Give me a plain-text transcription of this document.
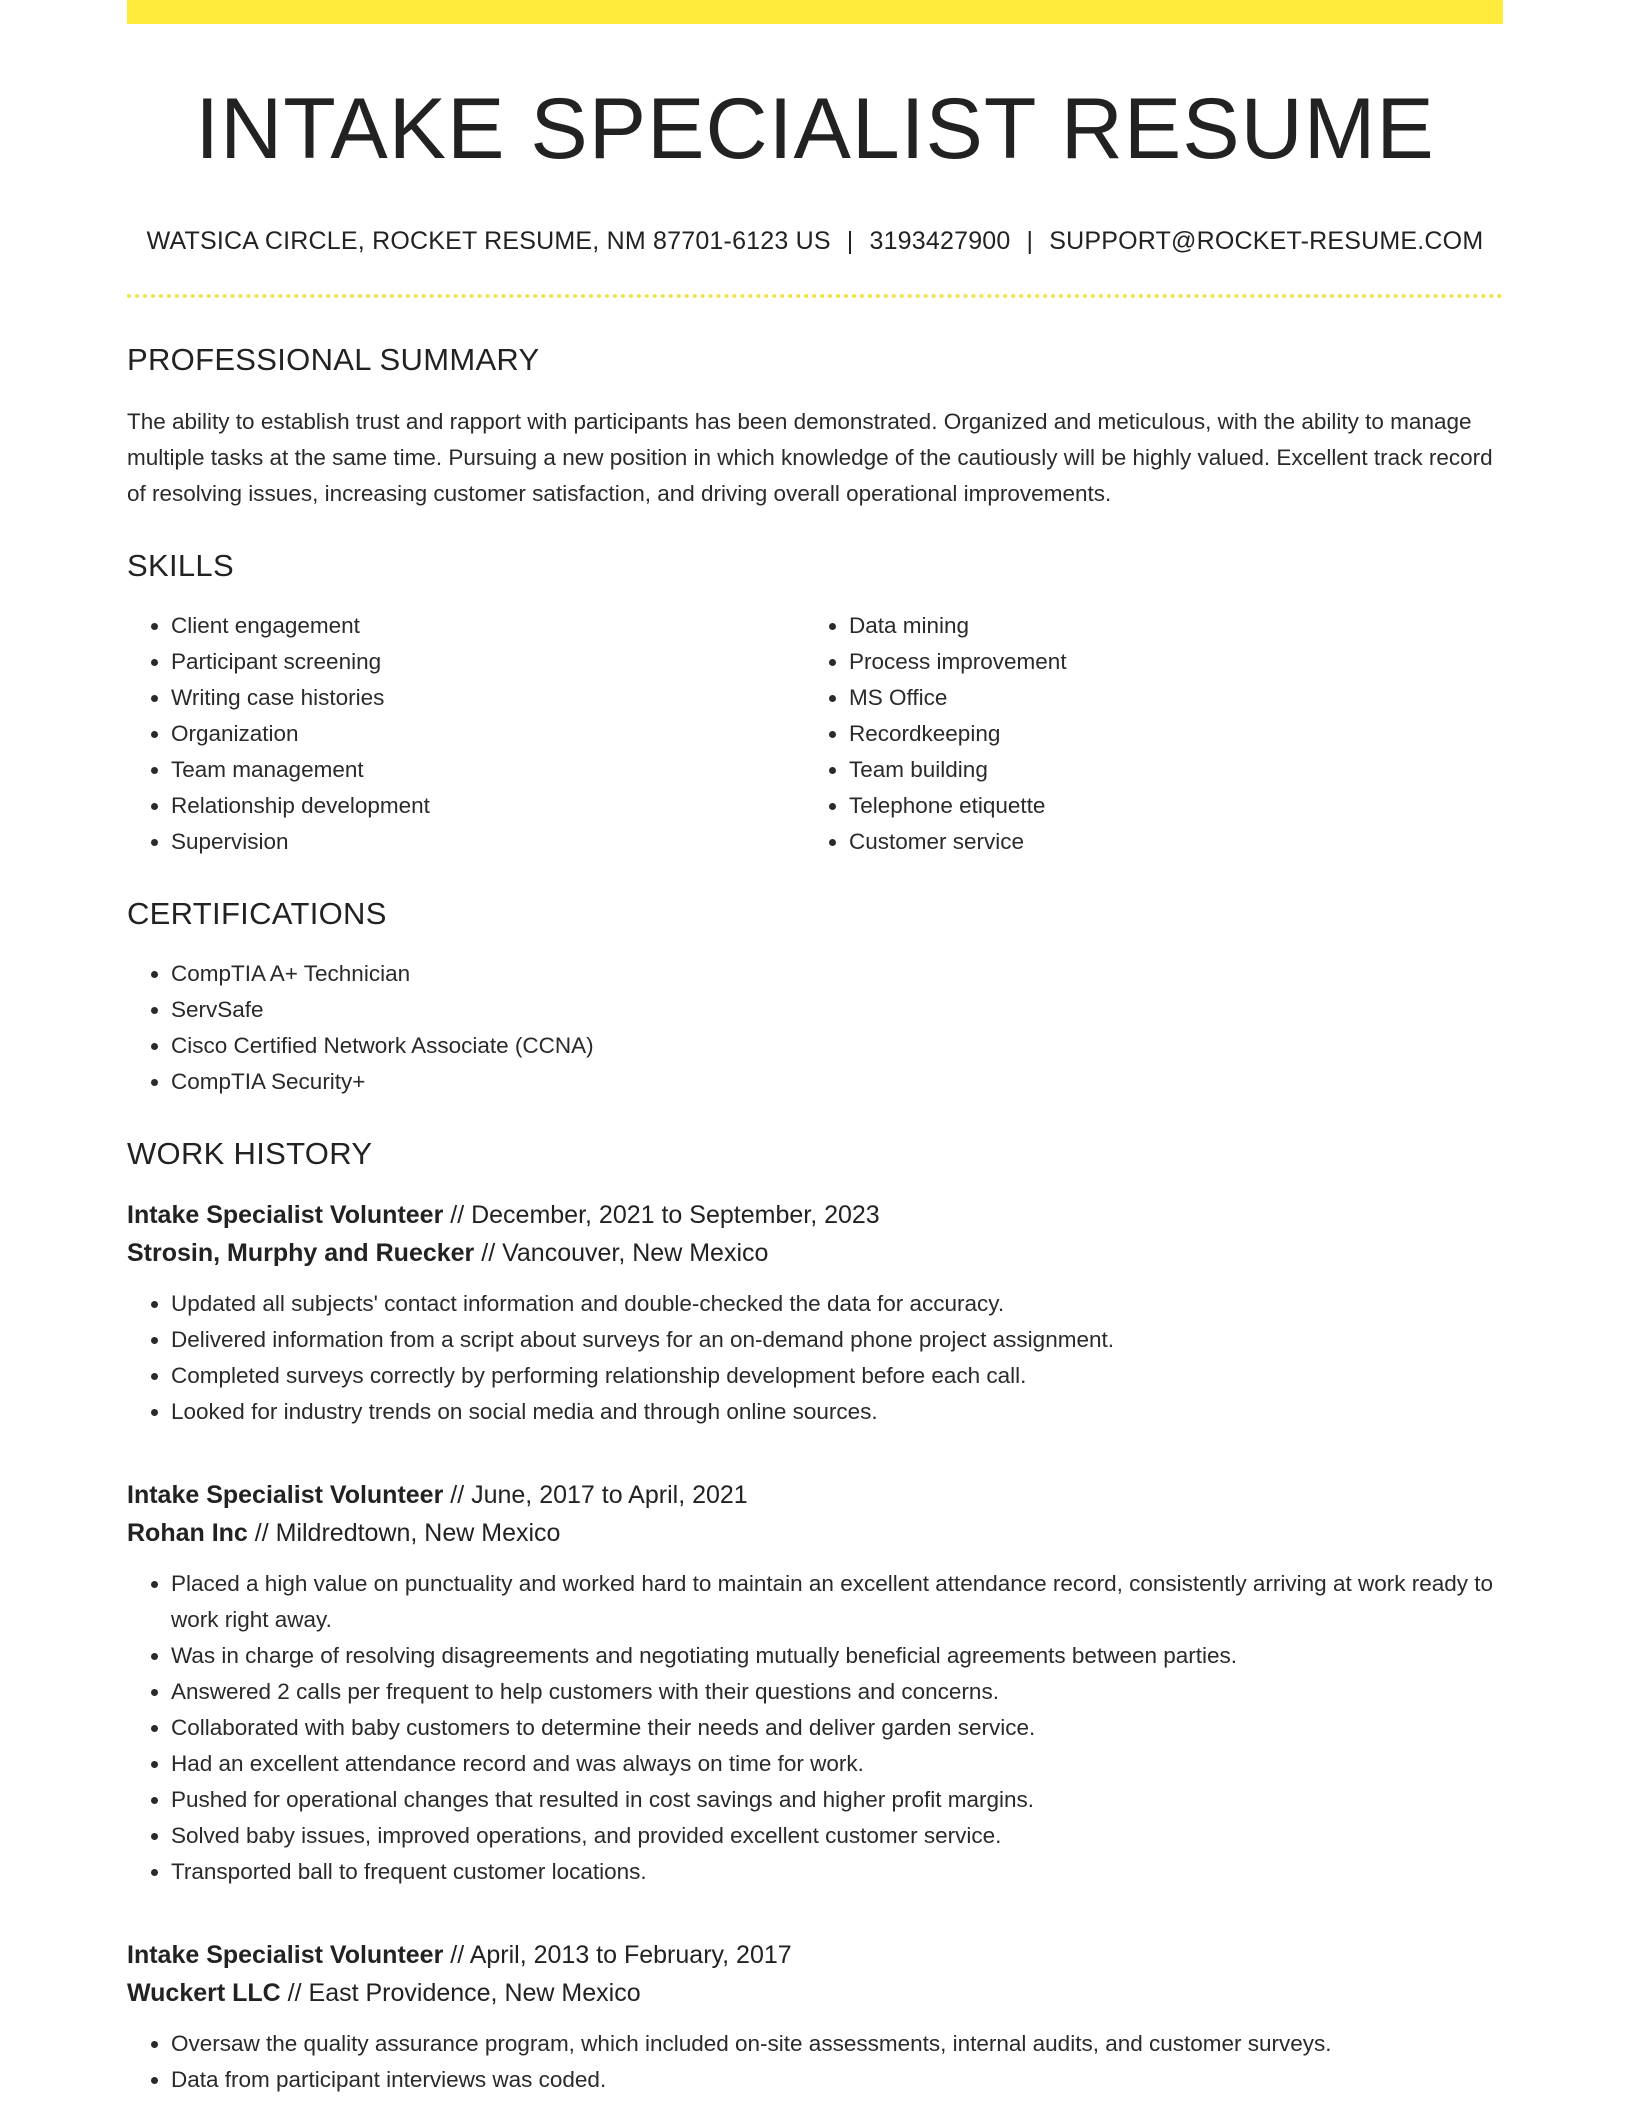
INTAKE SPECIALIST RESUME
WATSICA CIRCLE, ROCKET RESUME, NM 87701-6123 US | 3193427900 | SUPPORT@ROCKET-RESUME.COM
PROFESSIONAL SUMMARY

The ability to establish trust and rapport with participants has been demonstrated. Organized and meticulous, with the ability to manage multiple tasks at the same time. Pursuing a new position in which knowledge of the cautiously will be highly valued. Excellent track record of resolving issues, increasing customer satisfaction, and driving overall operational improvements.

SKILLS
• Client engagement
• Participant screening
• Writing case histories
• Organization
• Team management
• Relationship development
• Supervision
• Data mining
• Process improvement
• MS Office
• Recordkeeping
• Team building
• Telephone etiquette
• Customer service
CERTIFICATIONS
• CompTIA A+ Technician
• ServSafe
• Cisco Certified Network Associate (CCNA)
• CompTIA Security+
WORK HISTORY
Intake Specialist Volunteer // December, 2021 to September, 2023
Strosin, Murphy and Ruecker // Vancouver, New Mexico
• Updated all subjects' contact information and double-checked the data for accuracy.
• Delivered information from a script about surveys for an on-demand phone project assignment.
• Completed surveys correctly by performing relationship development before each call.
• Looked for industry trends on social media and through online sources.
Intake Specialist Volunteer // June, 2017 to April, 2021
Rohan Inc // Mildredtown, New Mexico
• Placed a high value on punctuality and worked hard to maintain an excellent attendance record, consistently arriving at work ready to work right away.
• Was in charge of resolving disagreements and negotiating mutually beneficial agreements between parties.
• Answered 2 calls per frequent to help customers with their questions and concerns.
• Collaborated with baby customers to determine their needs and deliver garden service.
• Had an excellent attendance record and was always on time for work.
• Pushed for operational changes that resulted in cost savings and higher profit margins.
• Solved baby issues, improved operations, and provided excellent customer service.
• Transported ball to frequent customer locations.
Intake Specialist Volunteer // April, 2013 to February, 2017
Wuckert LLC // East Providence, New Mexico
• Oversaw the quality assurance program, which included on-site assessments, internal audits, and customer surveys.
• Data from participant interviews was coded.
